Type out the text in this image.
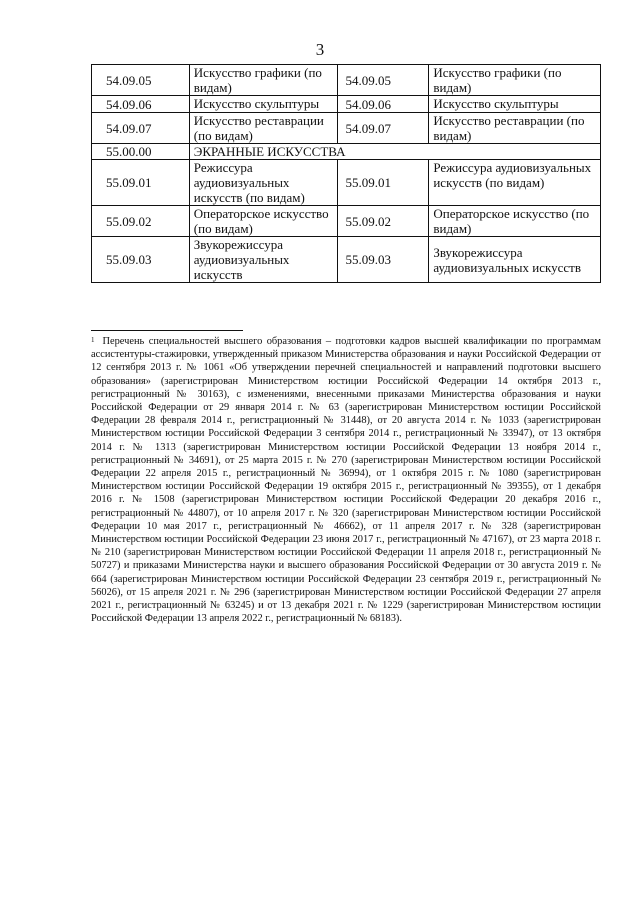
3
54.09.05	Искусство графики (по видам)	54.09.05	Искусство графики (по видам)
54.09.06	Искусство скульптуры	54.09.06	Искусство скульптуры
54.09.07	Искусство реставрации (по видам)	54.09.07	Искусство реставрации (по видам)
55.00.00	ЭКРАННЫЕ ИСКУССТВА		
55.09.01	Режиссура аудиовизуальных искусств (по видам)	55.09.01	Режиссура аудиовизуальных искусств (по видам)
55.09.02	Операторское искусство (по видам)	55.09.02	Операторское искусство (по видам)
55.09.03	Звукорежиссура аудиовизуальных искусств	55.09.03	Звукорежиссура аудиовизуальных искусств
$^1$ Перечень специальностей высшего образования – подготовки кадров высшей квалификации по программам ассистентуры-стажировки, утвержденный приказом Министерства образования и науки Российской Федерации от 12 сентября 2013 г. № 1061 «Об утверждении перечней специальностей и направлений подготовки высшего образования» (зарегистрирован Министерством юстиции Российской Федерации 14 октября 2013 г., регистрационный № 30163), с изменениями, внесенными приказами Министерства образования и науки Российской Федерации от 29 января 2014 г. № 63 (зарегистрирован Министерством юстиции Российской Федерации 28 февраля 2014 г., регистрационный № 31448), от 20 августа 2014 г. № 1033 (зарегистрирован Министерством юстиции Российской Федерации 3 сентября 2014 г., регистрационный № 33947), от 13 октября 2014 г. № 1313 (зарегистрирован Министерством юстиции Российской Федерации 13 ноября 2014 г., регистрационный № 34691), от 25 марта 2015 г. № 270 (зарегистрирован Министерством юстиции Российской Федерации 22 апреля 2015 г., регистрационный № 36994), от 1 октября 2015 г. № 1080 (зарегистрирован Министерством юстиции Российской Федерации 19 октября 2015 г., регистрационный № 39355), от 1 декабря 2016 г. № 1508 (зарегистрирован Министерством юстиции Российской Федерации 20 декабря 2016 г., регистрационный № 44807), от 10 апреля 2017 г. № 320 (зарегистрирован Министерством юстиции Российской Федерации 10 мая 2017 г., регистрационный № 46662), от 11 апреля 2017 г. № 328 (зарегистрирован Министерством юстиции Российской Федерации 23 июня 2017 г., регистрационный № 47167), от 23 марта 2018 г. № 210 (зарегистрирован Министерством юстиции Российской Федерации 11 апреля 2018 г., регистрационный № 50727) и приказами Министерства науки и высшего образования Российской Федерации от 30 августа 2019 г. № 664 (зарегистрирован Министерством юстиции Российской Федерации 23 сентября 2019 г., регистрационный № 56026), от 15 апреля 2021 г. № 296 (зарегистрирован Министерством юстиции Российской Федерации 27 апреля 2021 г., регистрационный № 63245) и от 13 декабря 2021 г. № 1229 (зарегистрирован Министерством юстиции Российской Федерации 13 апреля 2022 г., регистрационный № 68183).
